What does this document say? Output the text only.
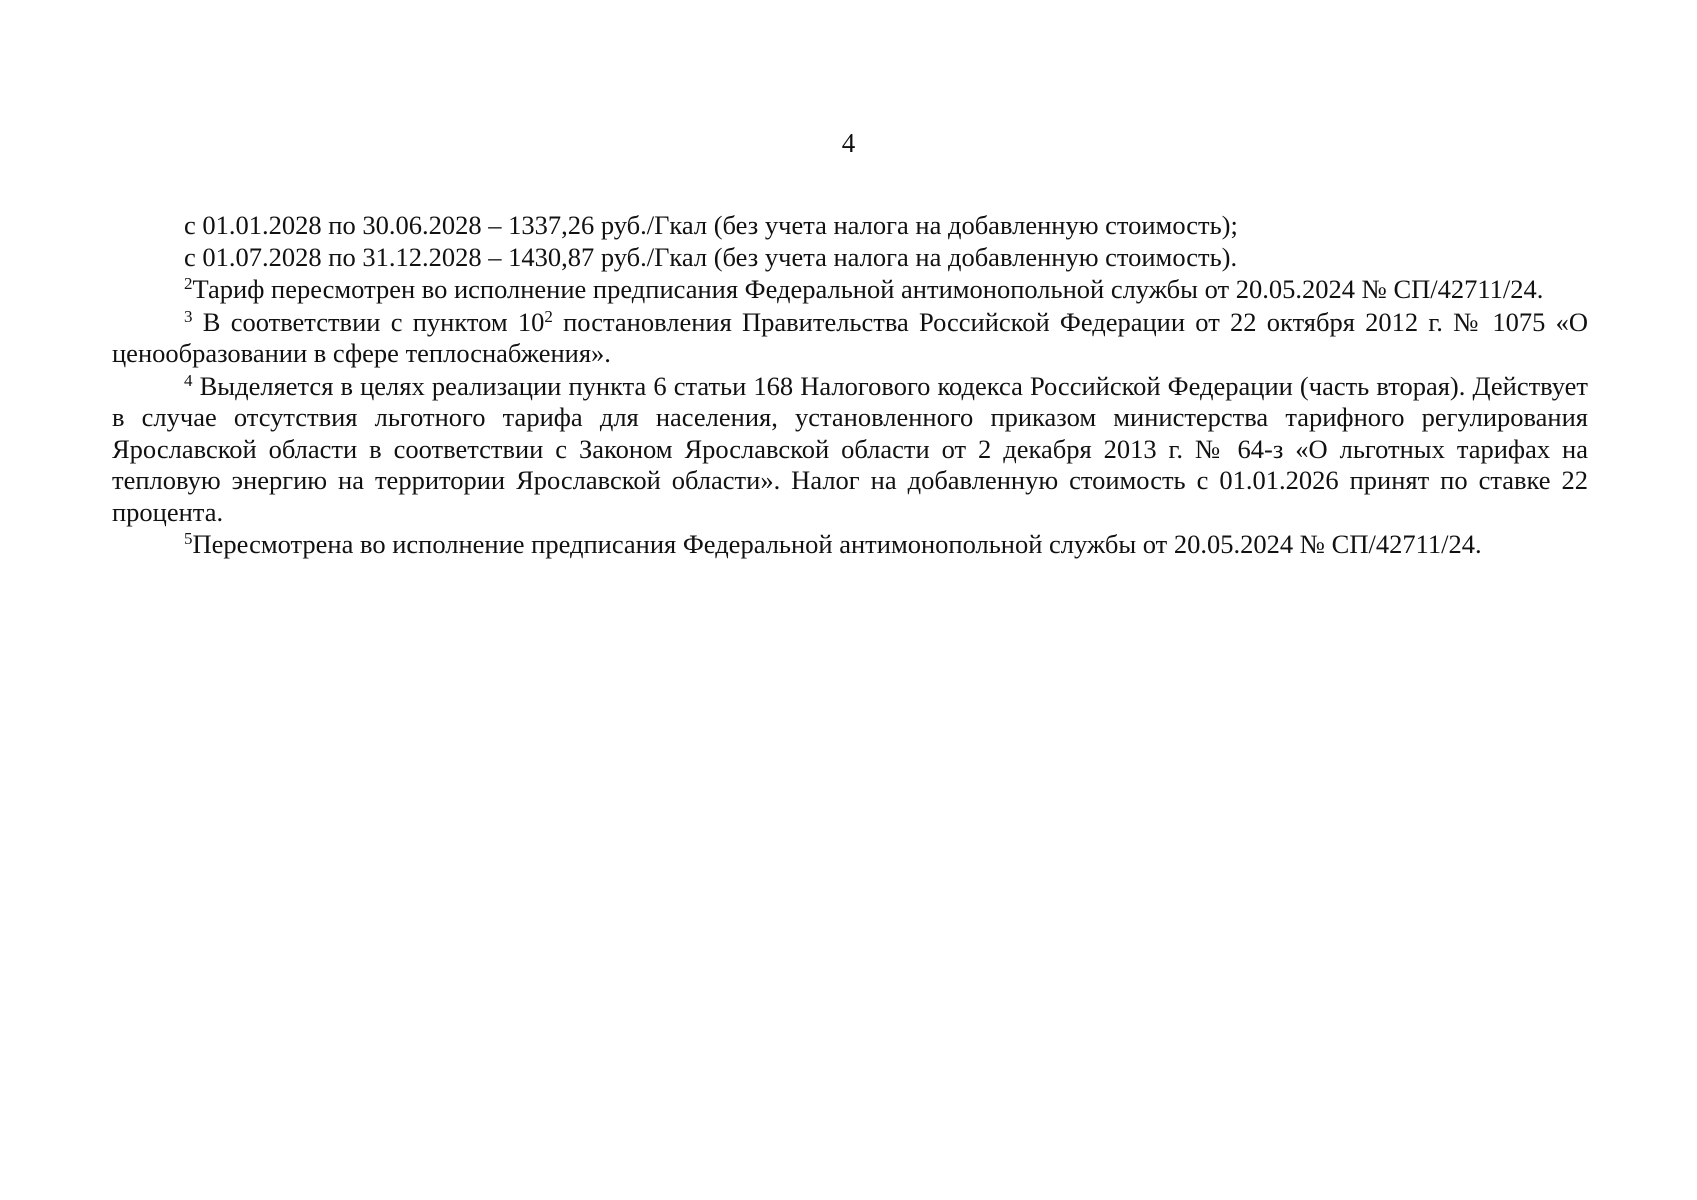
4

с 01.01.2028 по 30.06.2028 – 1337,26 руб./Гкал (без учета налога на добавленную стоимость);

с 01.07.2028 по 31.12.2028 – 1430,87 руб./Гкал (без учета налога на добавленную стоимость).

$^2$Тариф пересмотрен во исполнение предписания Федеральной антимонопольной службы от 20.05.2024 № СП/42711/24.

$^3$ В соответствии с пунктом $10^2$ постановления Правительства Российской Федерации от 22 октября 2012 г. № 1075 «О ценообразовании в сфере теплоснабжения».

$^4$ Выделяется в целях реализации пункта 6 статьи 168 Налогового кодекса Российской Федерации (часть вторая). Действует в случае отсутствия льготного тарифа для населения, установленного приказом министерства тарифного регулирования Ярославской области в соответствии с Законом Ярославской области от 2 декабря 2013 г. № 64-з «О льготных тарифах на тепловую энергию на территории Ярославской области». Налог на добавленную стоимость с 01.01.2026 принят по ставке 22 процента.

$^5$Пересмотрена во исполнение предписания Федеральной антимонопольной службы от 20.05.2024 № СП/42711/24.
